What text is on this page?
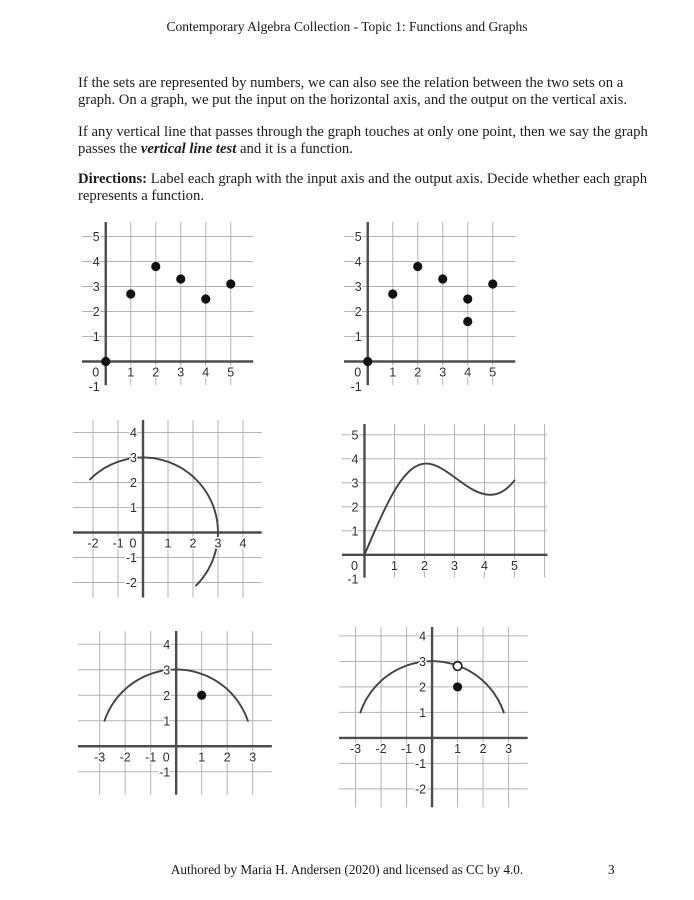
Contemporary Algebra Collection - Topic 1: Functions and Graphs
If the sets are represented by numbers, we can also see the relation between the two sets on a
graph. On a graph, we put the input on the horizontal axis, and the output on the vertical axis.
If any vertical line that passes through the graph touches at only one point, then we say the graph
passes the vertical line test and it is a function.
Directions: Label each graph with the input axis and the output axis. Decide whether each graph
represents a function.
0 1 2 3 4 5
1
2
3
4
5
-1
0 1 2 3 4 5
1
2
3
4
5
-1
-2 -1 0 1 2 3 4
-2
-1
1
2
3
4
0	1 2 3 4 5
1
2
3
4
5
-1
-3 -2 -1 0 1 2 3
-1
1
2
3
4
-3 -2 -1 0 1 2 3
-2
-1
1
2
3
4
Authored by Maria H. Andersen (2020) and licensed as CC by 4.0.	3
